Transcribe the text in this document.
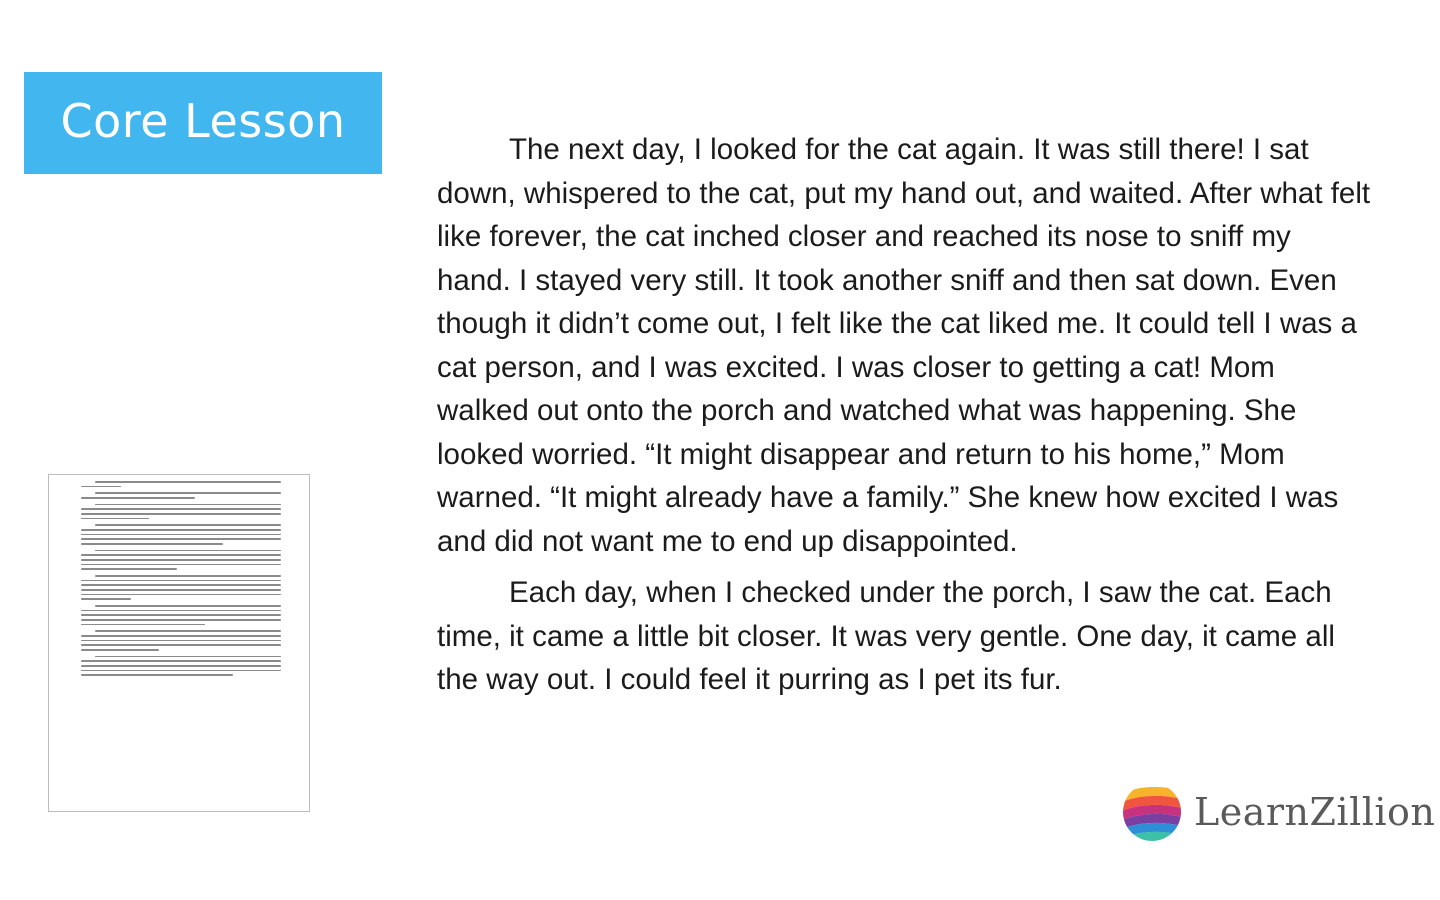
Core Lesson

The next day, I looked for the cat again. It was still there! I sat down, whispered to the cat, put my hand out, and waited. After what felt like forever, the cat inched closer and reached its nose to sniff my hand. I stayed very still. It took another sniff and then sat down. Even though it didn’t come out, I felt like the cat liked me. It could tell I was a cat person, and I was excited. I was closer to getting a cat! Mom walked out onto the porch and watched what was happening. She looked worried. “It might disappear and return to his home,” Mom warned. “It might already have a family.” She knew how excited I was and did not want me to end up disappointed.

Each day, when I checked under the porch, I saw the cat. Each time, it came a little bit closer. It was very gentle. One day, it came all the way out. I could feel it purring as I pet its fur.

LearnZillion
